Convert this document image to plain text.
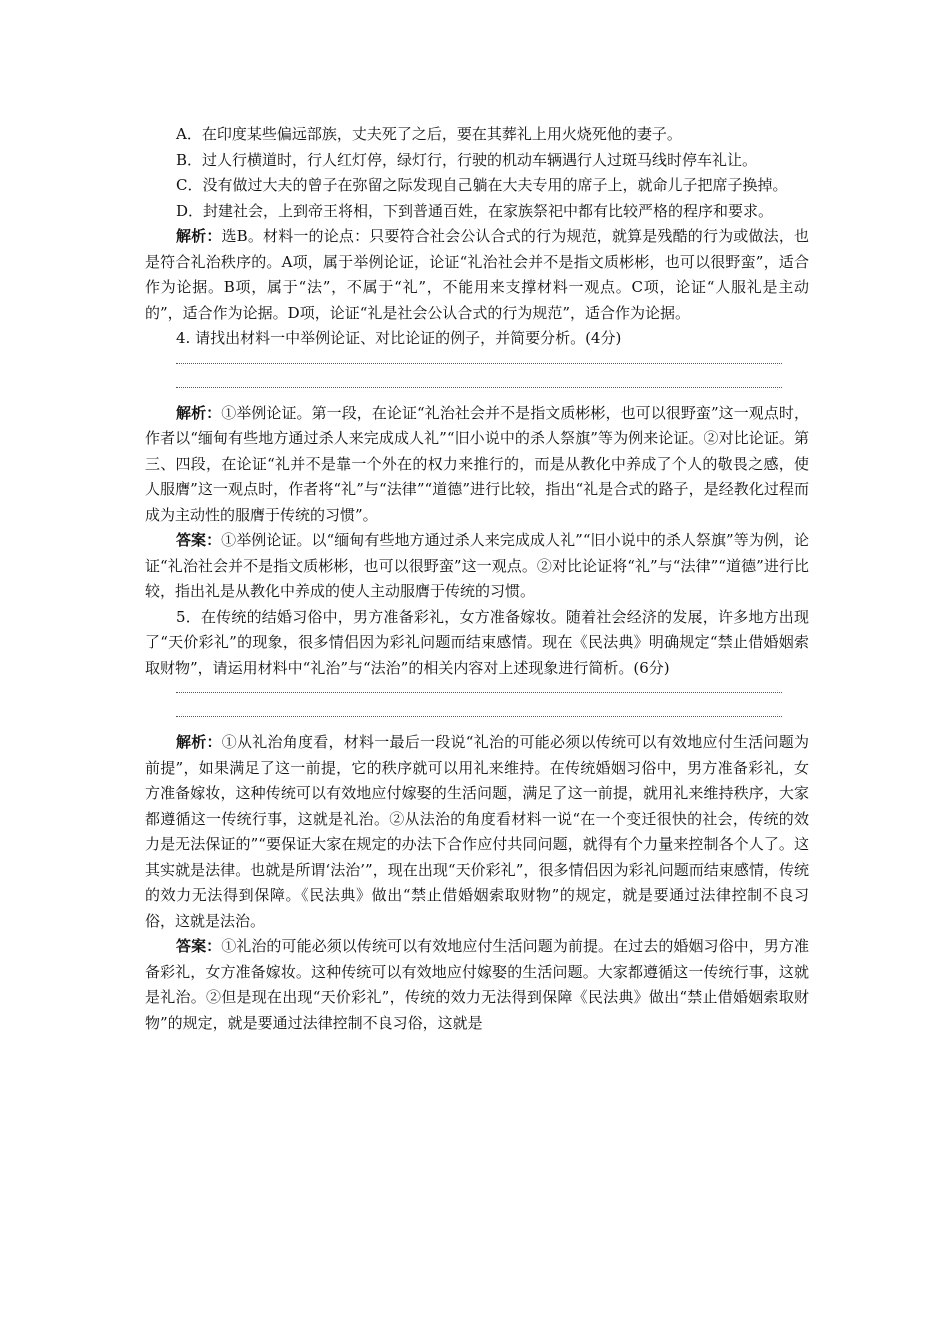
A．在印度某些偏远部族，丈夫死了之后，要在其葬礼上用火烧死他的妻子。

B．过人行横道时，行人红灯停，绿灯行，行驶的机动车辆遇行人过斑马线时停车礼让。

C．没有做过大夫的曾子在弥留之际发现自己躺在大夫专用的席子上，就命儿子把席子换掉。

D．封建社会，上到帝王将相，下到普通百姓，在家族祭祀中都有比较严格的程序和要求。

解析：选B。材料一的论点：只要符合社会公认合式的行为规范，就算是残酷的行为或做法，也是符合礼治秩序的。A项，属于举例论证，论证“礼治社会并不是指文质彬彬，也可以很野蛮”，适合作为论据。B项，属于“法”，不属于“礼”，不能用来支撑材料一观点。C项，论证“人服礼是主动的”，适合作为论据。D项，论证“礼是社会公认合式的行为规范”，适合作为论据。

4. 请找出材料一中举例论证、对比论证的例子，并简要分析。(4分)

解析：①举例论证。第一段，在论证“礼治社会并不是指文质彬彬，也可以很野蛮”这一观点时，作者以“缅甸有些地方通过杀人来完成成人礼”“旧小说中的杀人祭旗”等为例来论证。②对比论证。第三、四段，在论证“礼并不是靠一个外在的权力来推行的，而是从教化中养成了个人的敬畏之感，使人服膺”这一观点时，作者将“礼”与“法律”“道德”进行比较，指出“礼是合式的路子，是经教化过程而成为主动性的服膺于传统的习惯”。

答案：①举例论证。以“缅甸有些地方通过杀人来完成成人礼”“旧小说中的杀人祭旗”等为例，论证“礼治社会并不是指文质彬彬，也可以很野蛮”这一观点。②对比论证将“礼”与“法律”“道德”进行比较，指出礼是从教化中养成的使人主动服膺于传统的习惯。

5．在传统的结婚习俗中，男方准备彩礼，女方准备嫁妆。随着社会经济的发展，许多地方出现了“天价彩礼”的现象，很多情侣因为彩礼问题而结束感情。现在《民法典》明确规定“禁止借婚姻索取财物”，请运用材料中“礼治”与“法治”的相关内容对上述现象进行简析。(6分)

解析：①从礼治角度看，材料一最后一段说“礼治的可能必须以传统可以有效地应付生活问题为前提”，如果满足了这一前提，它的秩序就可以用礼来维持。在传统婚姻习俗中，男方准备彩礼，女方准备嫁妆，这种传统可以有效地应付嫁娶的生活问题，满足了这一前提，就用礼来维持秩序，大家都遵循这一传统行事，这就是礼治。②从法治的角度看材料一说“在一个变迁很快的社会，传统的效力是无法保证的”“要保证大家在规定的办法下合作应付共同问题，就得有个力量来控制各个人了。这其实就是法律。也就是所谓‘法治’”，现在出现“天价彩礼”，很多情侣因为彩礼问题而结束感情，传统的效力无法得到保障。《民法典》做出“禁止借婚姻索取财物”的规定，就是要通过法律控制不良习俗，这就是法治。

答案：①礼治的可能必须以传统可以有效地应付生活问题为前提。在过去的婚姻习俗中，男方准备彩礼，女方准备嫁妆。这种传统可以有效地应付嫁娶的生活问题。大家都遵循这一传统行事，这就是礼治。②但是现在出现“天价彩礼”，传统的效力无法得到保障《民法典》做出“禁止借婚姻索取财物”的规定，就是要通过法律控制不良习俗，这就是
